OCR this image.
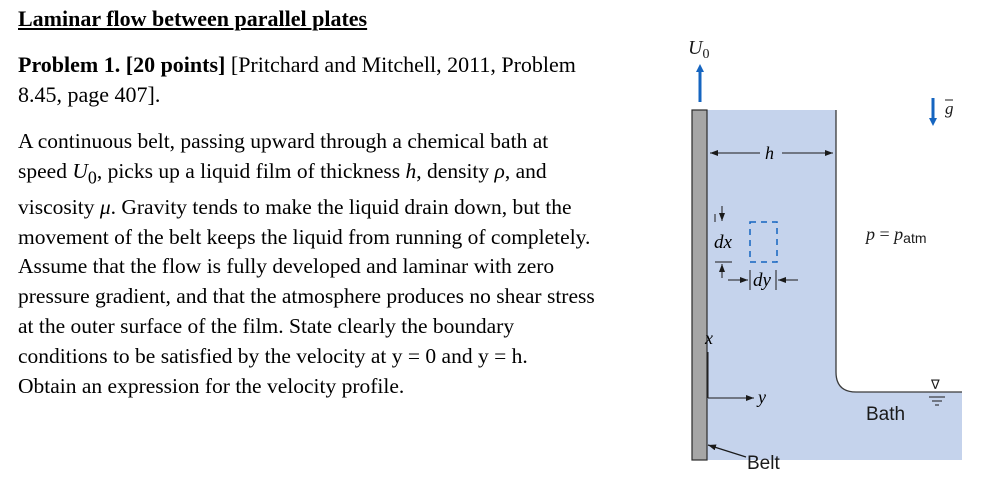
Laminar flow between parallel plates
Problem 1. [20 points] [Pritchard and Mitchell, 2011, Problem
8.45, page 407].
A continuous belt, passing upward through a chemical bath at
speed $U_0$, picks up a liquid film of thickness h, density ρ, and
viscosity μ. Gravity tends to make the liquid drain down, but the
movement of the belt keeps the liquid from running of completely.
Assume that the flow is fully developed and laminar with zero
pressure gradient, and that the atmosphere produces no shear stress
at the outer surface of the film. State clearly the boundary
conditions to be satisfied by the velocity at y = 0 and y = h.
Obtain an expression for the velocity profile.
$U_0$
g
h
dx
dy
p = patm
x
y
Bath
∇
Belt
